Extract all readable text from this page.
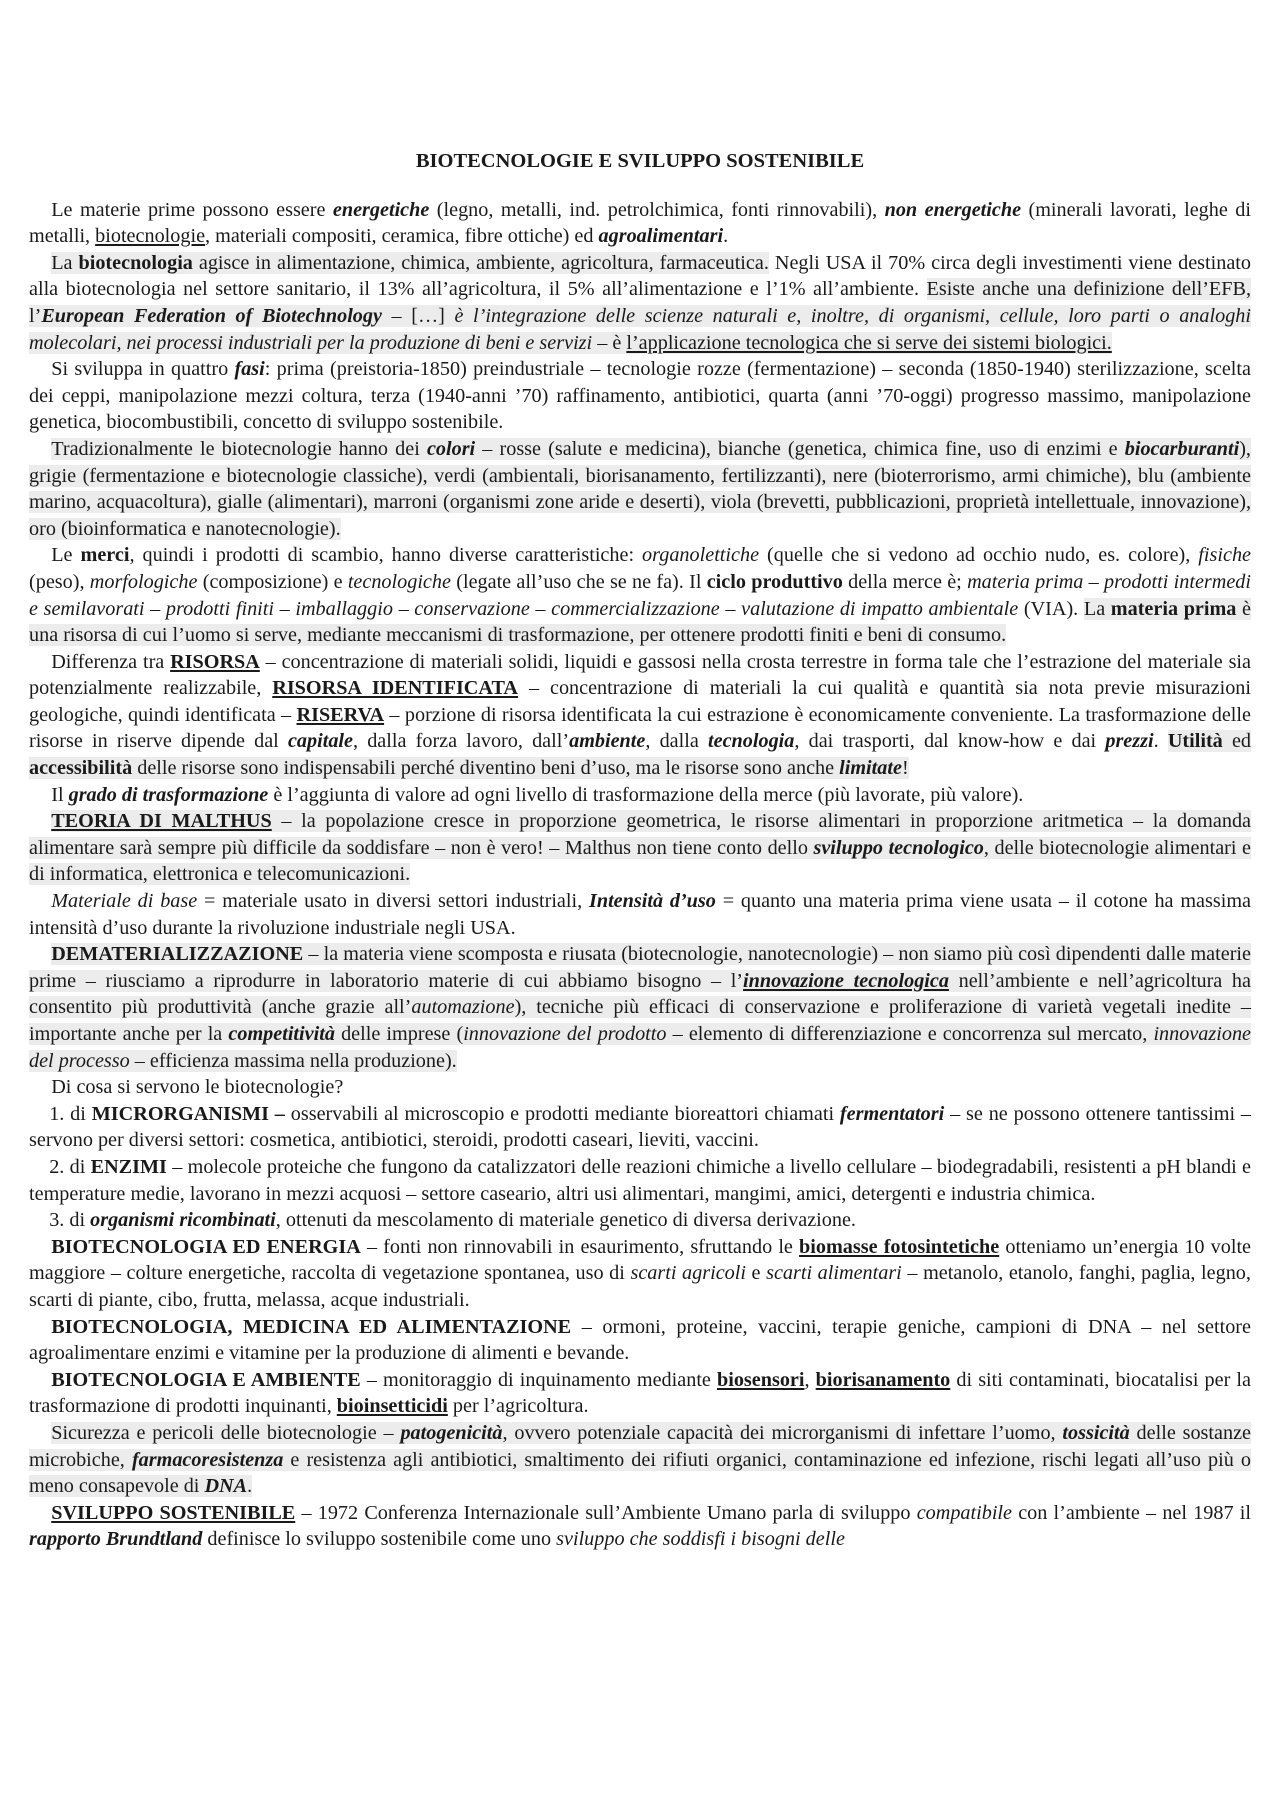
BIOTECNOLOGIE E SVILUPPO SOSTENIBILE

Le materie prime possono essere energetiche (legno, metalli, ind. petrolchimica, fonti rinnovabili), non energetiche (minerali lavorati, leghe di metalli, biotecnologie, materiali compositi, ceramica, fibre ottiche) ed agroalimentari.

La biotecnologia agisce in alimentazione, chimica, ambiente, agricoltura, farmaceutica. Negli USA il 70% circa degli investimenti viene destinato alla biotecnologia nel settore sanitario, il 13% all’agricoltura, il 5% all’alimentazione e l’1% all’ambiente. Esiste anche una definizione dell’EFB, l’European Federation of Biotechnology – […] è l’integrazione delle scienze naturali e, inoltre, di organismi, cellule, loro parti o analoghi molecolari, nei processi industriali per la produzione di beni e servizi – è l’applicazione tecnologica che si serve dei sistemi biologici.

Si sviluppa in quattro fasi: prima (preistoria-1850) preindustriale – tecnologie rozze (fermentazione) – seconda (1850-1940) sterilizzazione, scelta dei ceppi, manipolazione mezzi coltura, terza (1940-anni ’70) raffinamento, antibiotici, quarta (anni ’70-oggi) progresso massimo, manipolazione genetica, biocombustibili, concetto di sviluppo sostenibile.

Tradizionalmente le biotecnologie hanno dei colori – rosse (salute e medicina), bianche (genetica, chimica fine, uso di enzimi e biocarburanti), grigie (fermentazione e biotecnologie classiche), verdi (ambientali, biorisanamento, fertilizzanti), nere (bioterrorismo, armi chimiche), blu (ambiente marino, acquacoltura), gialle (alimentari), marroni (organismi zone aride e deserti), viola (brevetti, pubblicazioni, proprietà intellettuale, innovazione), oro (bioinformatica e nanotecnologie).

Le merci, quindi i prodotti di scambio, hanno diverse caratteristiche: organolettiche (quelle che si vedono ad occhio nudo, es. colore), fisiche (peso), morfologiche (composizione) e tecnologiche (legate all’uso che se ne fa). Il ciclo produttivo della merce è; materia prima – prodotti intermedi e semilavorati – prodotti finiti – imballaggio – conservazione – commercializzazione – valutazione di impatto ambientale (VIA). La materia prima è una risorsa di cui l’uomo si serve, mediante meccanismi di trasformazione, per ottenere prodotti finiti e beni di consumo.

Differenza tra RISORSA – concentrazione di materiali solidi, liquidi e gassosi nella crosta terrestre in forma tale che l’estrazione del materiale sia potenzialmente realizzabile, RISORSA IDENTIFICATA – concentrazione di materiali la cui qualità e quantità sia nota previe misurazioni geologiche, quindi identificata – RISERVA – porzione di risorsa identificata la cui estrazione è economicamente conveniente. La trasformazione delle risorse in riserve dipende dal capitale, dalla forza lavoro, dall’ambiente, dalla tecnologia, dai trasporti, dal know-how e dai prezzi. Utilità ed accessibilità delle risorse sono indispensabili perché diventino beni d’uso, ma le risorse sono anche limitate!

Il grado di trasformazione è l’aggiunta di valore ad ogni livello di trasformazione della merce (più lavorate, più valore).

TEORIA DI MALTHUS – la popolazione cresce in proporzione geometrica, le risorse alimentari in proporzione aritmetica – la domanda alimentare sarà sempre più difficile da soddisfare – non è vero! – Malthus non tiene conto dello sviluppo tecnologico, delle biotecnologie alimentari e di informatica, elettronica e telecomunicazioni.

Materiale di base = materiale usato in diversi settori industriali, Intensità d’uso = quanto una materia prima viene usata – il cotone ha massima intensità d’uso durante la rivoluzione industriale negli USA.

DEMATERIALIZZAZIONE – la materia viene scomposta e riusata (biotecnologie, nanotecnologie) – non siamo più così dipendenti dalle materie prime – riusciamo a riprodurre in laboratorio materie di cui abbiamo bisogno – l’innovazione tecnologica nell’ambiente e nell’agricoltura ha consentito più produttività (anche grazie all’automazione), tecniche più efficaci di conservazione e proliferazione di varietà vegetali inedite – importante anche per la competitività delle imprese (innovazione del prodotto – elemento di differenziazione e concorrenza sul mercato, innovazione del processo – efficienza massima nella produzione).

Di cosa si servono le biotecnologie?

1. di MICRORGANISMI – osservabili al microscopio e prodotti mediante bioreattori chiamati fermentatori – se ne possono ottenere tantissimi – servono per diversi settori: cosmetica, antibiotici, steroidi, prodotti caseari, lieviti, vaccini.

2. di ENZIMI – molecole proteiche che fungono da catalizzatori delle reazioni chimiche a livello cellulare – biodegradabili, resistenti a pH blandi e temperature medie, lavorano in mezzi acquosi – settore caseario, altri usi alimentari, mangimi, amici, detergenti e industria chimica.

3. di organismi ricombinati, ottenuti da mescolamento di materiale genetico di diversa derivazione.

BIOTECNOLOGIA ED ENERGIA – fonti non rinnovabili in esaurimento, sfruttando le biomasse fotosintetiche otteniamo un’energia 10 volte maggiore – colture energetiche, raccolta di vegetazione spontanea, uso di scarti agricoli e scarti alimentari – metanolo, etanolo, fanghi, paglia, legno, scarti di piante, cibo, frutta, melassa, acque industriali.

BIOTECNOLOGIA, MEDICINA ED ALIMENTAZIONE – ormoni, proteine, vaccini, terapie geniche, campioni di DNA – nel settore agroalimentare enzimi e vitamine per la produzione di alimenti e bevande.

BIOTECNOLOGIA E AMBIENTE – monitoraggio di inquinamento mediante biosensori, biorisanamento di siti contaminati, biocatalisi per la trasformazione di prodotti inquinanti, bioinsetticidi per l’agricoltura.

Sicurezza e pericoli delle biotecnologie – patogenicità, ovvero potenziale capacità dei microrganismi di infettare l’uomo, tossicità delle sostanze microbiche, farmacoresistenza e resistenza agli antibiotici, smaltimento dei rifiuti organici, contaminazione ed infezione, rischi legati all’uso più o meno consapevole di DNA.

SVILUPPO SOSTENIBILE – 1972 Conferenza Internazionale sull’Ambiente Umano parla di sviluppo compatibile con l’ambiente – nel 1987 il rapporto Brundtland definisce lo sviluppo sostenibile come uno sviluppo che soddisfi i bisogni delle
